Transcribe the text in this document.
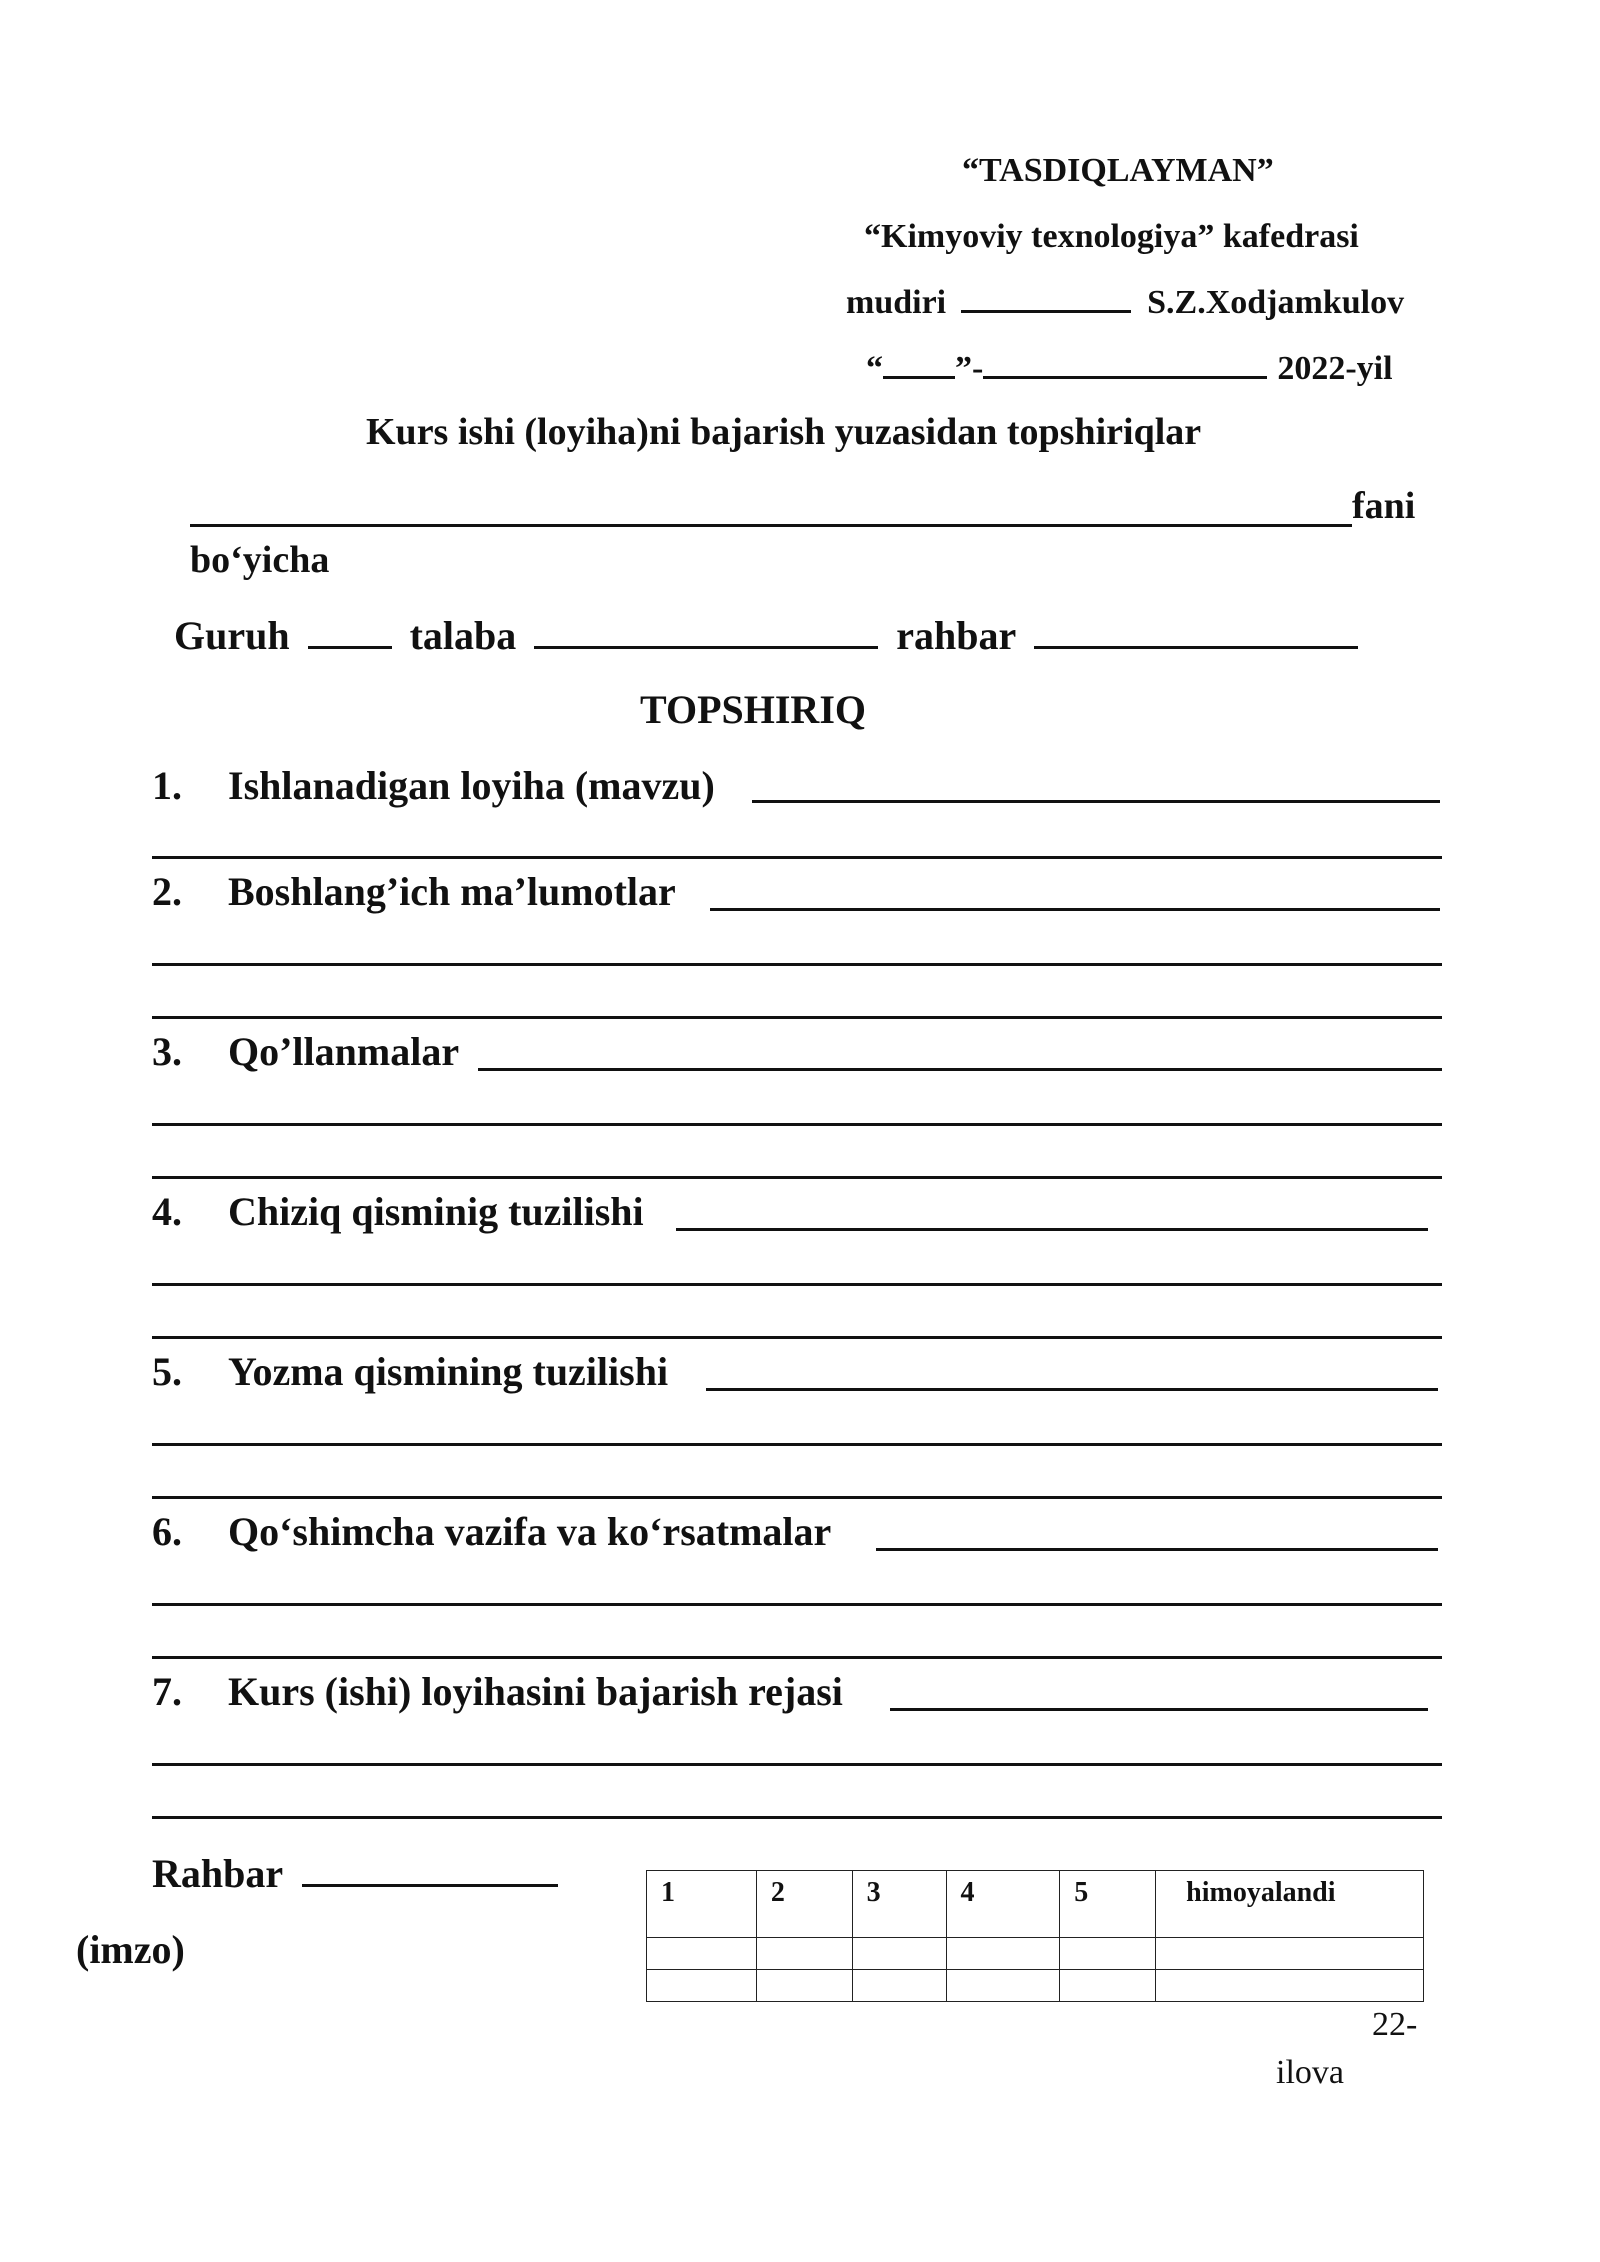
“TASDIQLAYMAN”
“Kimyoviy texnologiya” kafedrasi
mudiri	S.Z.Xodjamkulov
“ ”-	2022-yil
Kurs ishi (loyiha)ni bajarish yuzasidan topshiriqlar
fani
bo‘yicha
Guruh	talaba	rahbar
TOPSHIRIQ
1. Ishlanadigan loyiha (mavzu)
2. Boshlang’ich ma’lumotlar
3. Qo’llanmalar
4. Chiziq qisminig tuzilishi
5. Yozma qismining tuzilishi
6. Qo‘shimcha vazifa va ko‘rsatmalar
7. Kurs (ishi) loyihasini bajarish rejasi
Rahbar
(imzo)
1	2	3	4	5	himoyalandi

22-
ilova
